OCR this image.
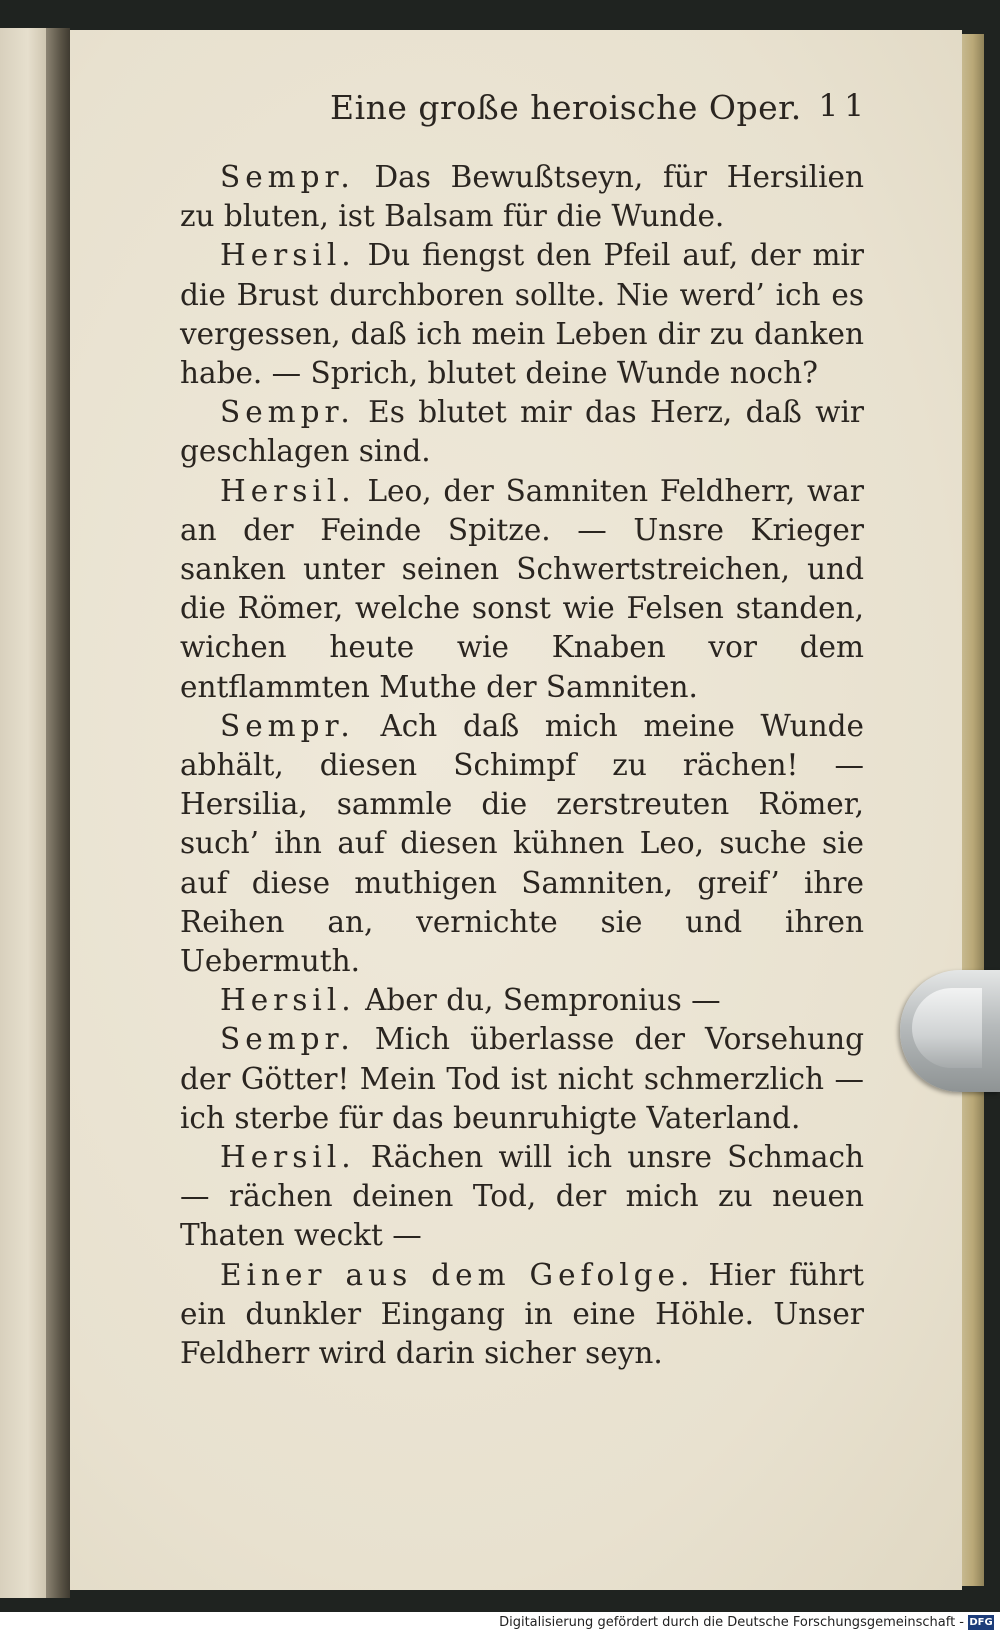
Eine große heroische Oper. 11

Sempr. Das Bewußtseyn, für Hersilien zu bluten, ist Balsam für die Wunde.

Hersil. Du fiengst den Pfeil auf, der mir die Brust durchboren sollte. Nie werd’ ich es vergessen, daß ich mein Leben dir zu danken habe. — Sprich, blutet deine Wunde noch?

Sempr. Es blutet mir das Herz, daß wir geschlagen sind.

Hersil. Leo, der Samniten Feldherr, war an der Feinde Spitze. — Unsre Krieger sanken unter seinen Schwertstreichen, und die Römer, welche sonst wie Felsen standen, wichen heute wie Knaben vor dem entflammten Muthe der Samniten.

Sempr. Ach daß mich meine Wunde abhält, diesen Schimpf zu rächen! — Hersilia, sammle die zerstreuten Römer, such’ ihn auf diesen kühnen Leo, suche sie auf diese muthigen Samniten, greif’ ihre Reihen an, vernichte sie und ihren Uebermuth.

Hersil. Aber du, Sempronius —

Sempr. Mich überlasse der Vorsehung der Götter! Mein Tod ist nicht schmerzlich — ich sterbe für das beunruhigte Vaterland.

Hersil. Rächen will ich unsre Schmach — rächen deinen Tod, der mich zu neuen Thaten weckt —

Einer aus dem Gefolge. Hier führt ein dunkler Eingang in eine Höhle. Unser Feldherr wird darin sicher seyn.

Digitalisierung gefördert durch die Deutsche Forschungsgemeinschaft - DFG
